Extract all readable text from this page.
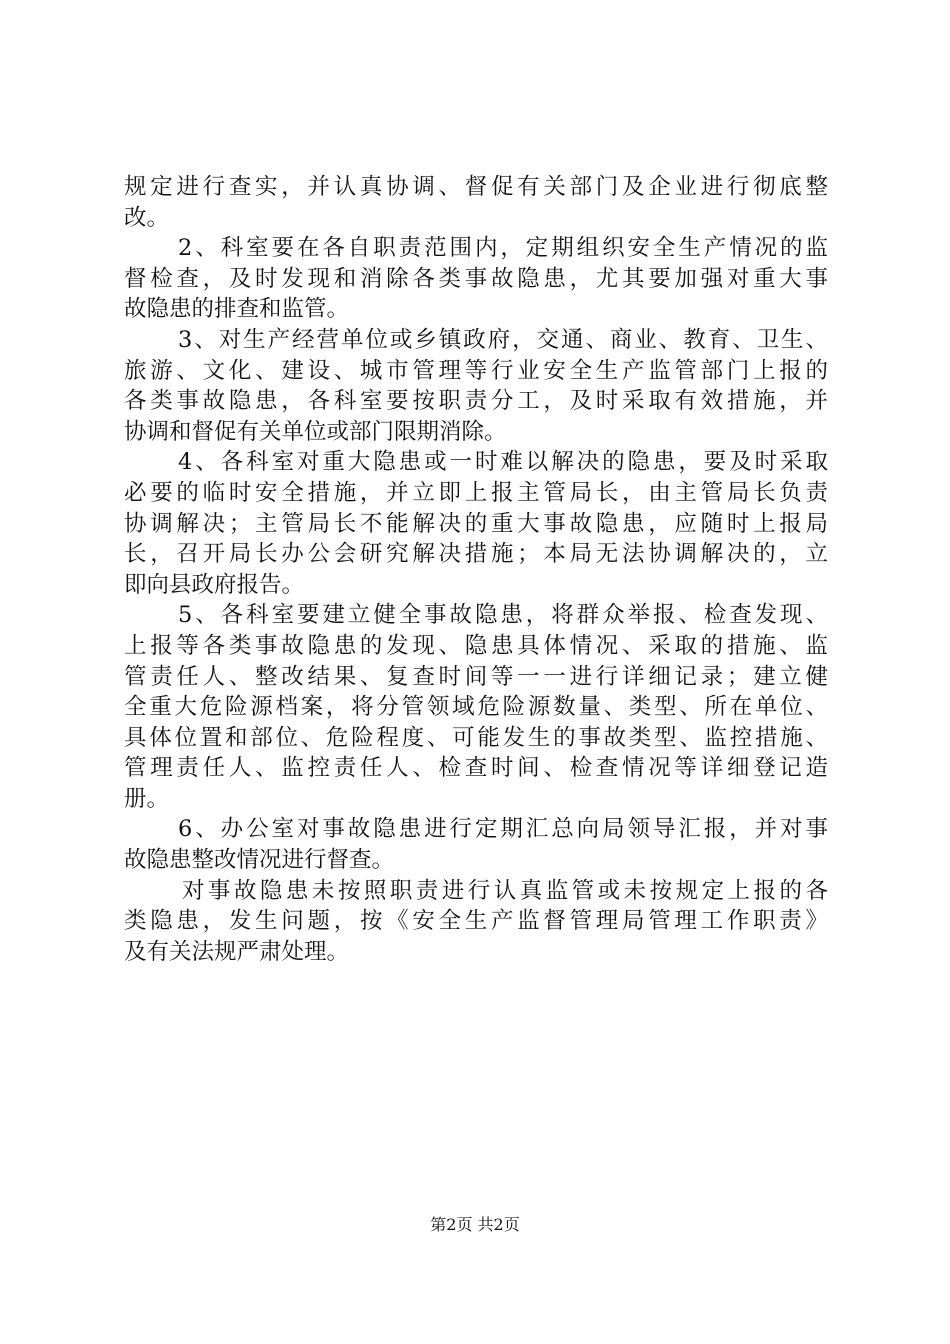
规定进行查实，并认真协调、督促有关部门及企业进行彻底整
改。
2、科室要在各自职责范围内，定期组织安全生产情况的监
督检查，及时发现和消除各类事故隐患，尤其要加强对重大事
故隐患的排查和监管。
3、对生产经营单位或乡镇政府，交通、商业、教育、卫生、
旅游、文化、建设、城市管理等行业安全生产监管部门上报的
各类事故隐患，各科室要按职责分工，及时采取有效措施，并
协调和督促有关单位或部门限期消除。
4、各科室对重大隐患或一时难以解决的隐患，要及时采取
必要的临时安全措施，并立即上报主管局长，由主管局长负责
协调解决；主管局长不能解决的重大事故隐患，应随时上报局
长，召开局长办公会研究解决措施；本局无法协调解决的，立
即向县政府报告。
5、各科室要建立健全事故隐患，将群众举报、检查发现、
上报等各类事故隐患的发现、隐患具体情况、采取的措施、监
管责任人、整改结果、复查时间等一一进行详细记录；建立健
全重大危险源档案，将分管领域危险源数量、类型、所在单位、
具体位置和部位、危险程度、可能发生的事故类型、监控措施、
管理责任人、监控责任人、检查时间、检查情况等详细登记造
册。
6、办公室对事故隐患进行定期汇总向局领导汇报，并对事
故隐患整改情况进行督查。
对事故隐患未按照职责进行认真监管或未按规定上报的各
类隐患，发生问题，按《安全生产监督管理局管理工作职责》
及有关法规严肃处理。
第2页 共2页
